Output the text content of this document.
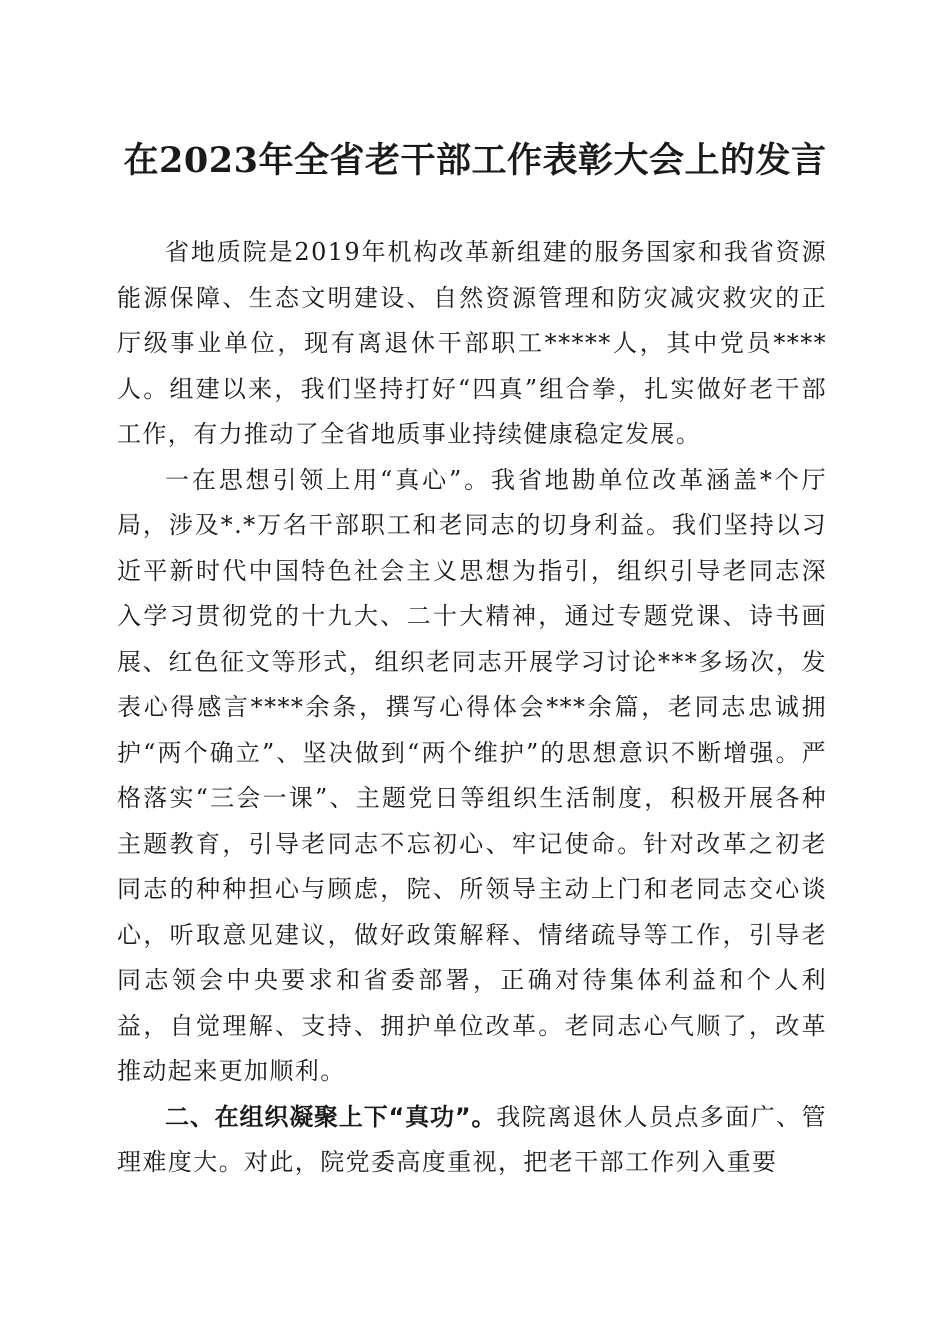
在2023年全省老干部工作表彰大会上的发言

省地质院是2019年机构改革新组建的服务国家和我省资源能源保障、生态文明建设、自然资源管理和防灾减灾救灾的正厅级事业单位，现有离退休干部职工*****人，其中党员****人。组建以来，我们坚持打好“四真”组合拳，扎实做好老干部工作，有力推动了全省地质事业持续健康稳定发展。

一在思想引领上用“真心”。我省地勘单位改革涵盖*个厅局，涉及*.*万名干部职工和老同志的切身利益。我们坚持以习近平新时代中国特色社会主义思想为指引，组织引导老同志深入学习贯彻党的十九大、二十大精神，通过专题党课、诗书画展、红色征文等形式，组织老同志开展学习讨论***多场次，发表心得感言****余条，撰写心得体会***余篇，老同志忠诚拥护“两个确立”、坚决做到“两个维护”的思想意识不断增强。严格落实“三会一课”、主题党日等组织生活制度，积极开展各种主题教育，引导老同志不忘初心、牢记使命。针对改革之初老同志的种种担心与顾虑，院、所领导主动上门和老同志交心谈心，听取意见建议，做好政策解释、情绪疏导等工作，引导老同志领会中央要求和省委部署，正确对待集体利益和个人利益，自觉理解、支持、拥护单位改革。老同志心气顺了，改革推动起来更加顺利。

二、在组织凝聚上下“真功”。我院离退休人员点多面广、管理难度大。对此，院党委高度重视，把老干部工作列入重要
